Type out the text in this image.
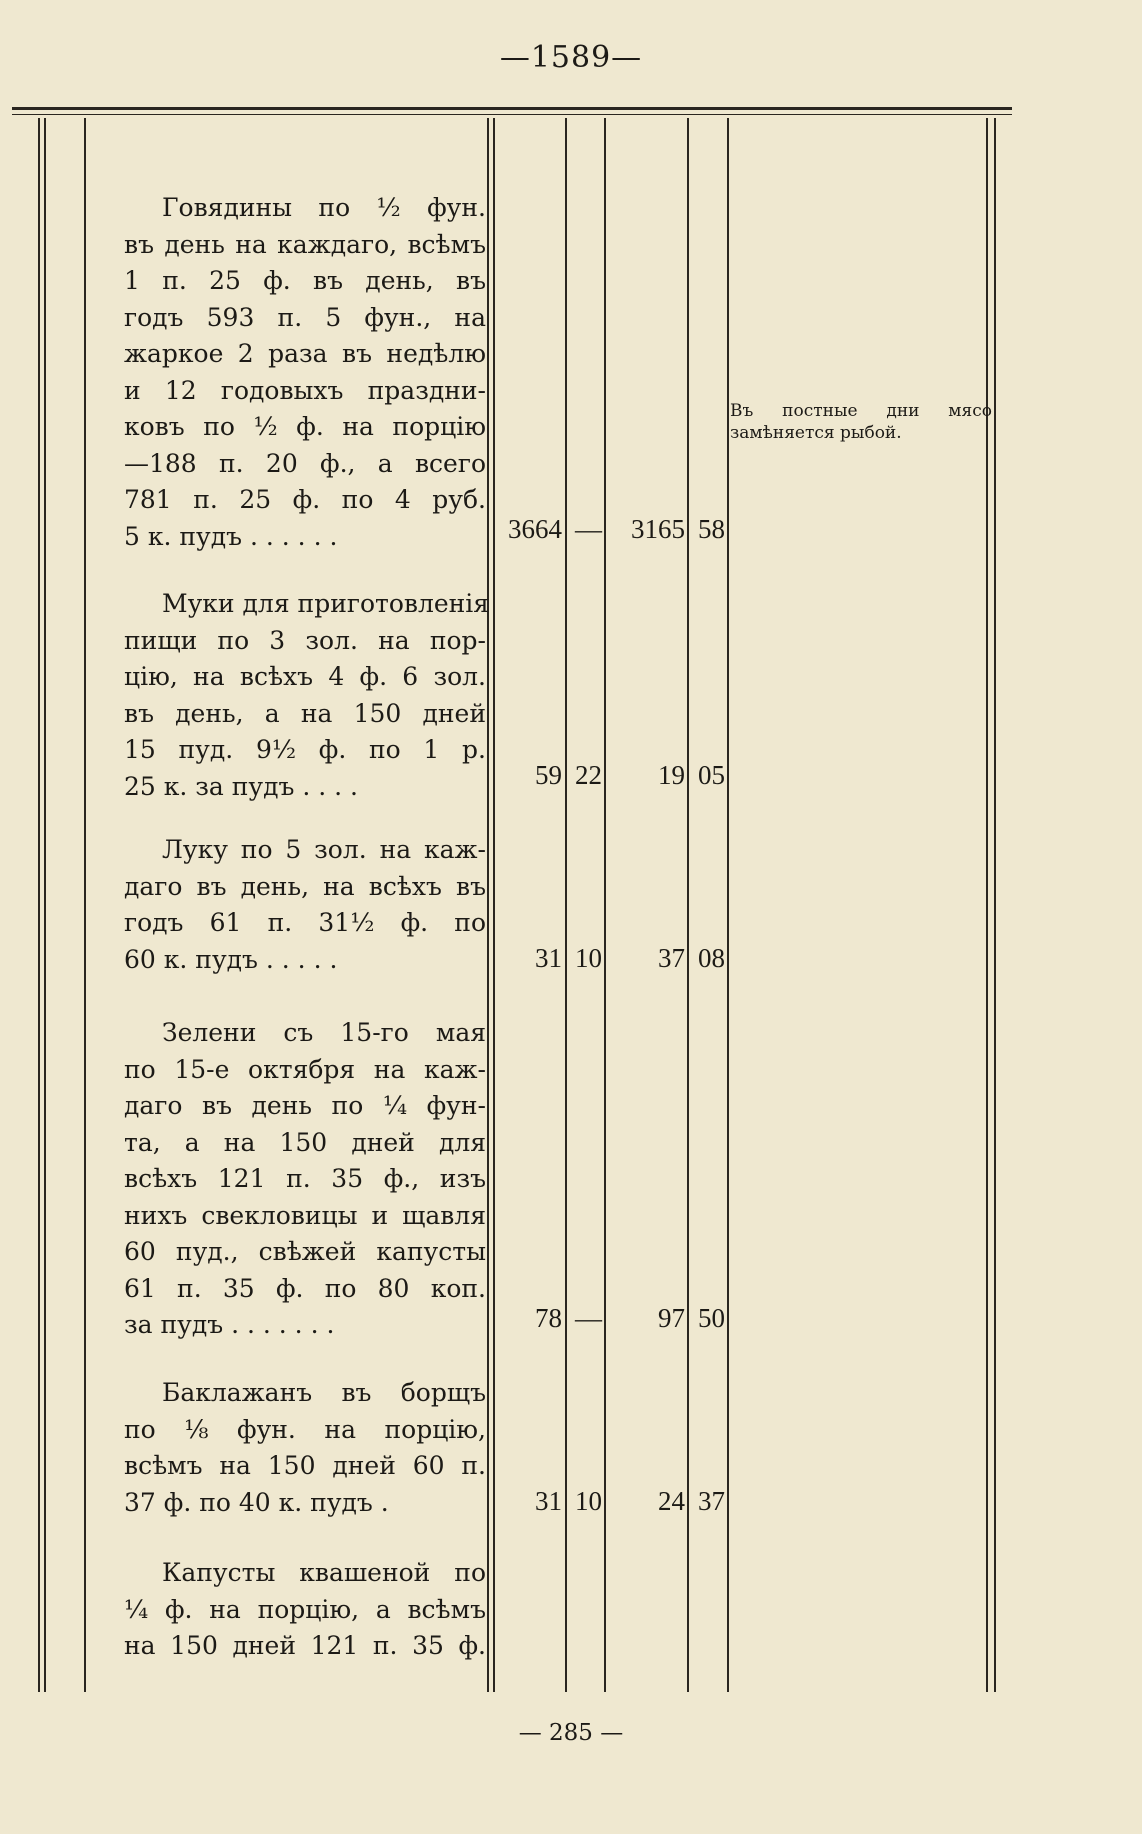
—1589—
Говядины по ½ фун.
въ день на каждаго, всѣмъ
1 п. 25 ф. въ день, въ
годъ 593 п. 5 фун., на
жаркое 2 раза въ недѣлю
и 12 годовыхъ праздни-
ковъ по ½ ф. на порцію
—188 п. 20 ф., а всего
781 п. 25 ф. по 4 руб.
5 к. пудъ . . . . . .	3664 —	3165 58
Муки для приготовленія
пищи по 3 зол. на пор-
цію, на всѣхъ 4 ф. 6 зол.
въ день, а на 150 дней
15 пуд. 9½ ф. по 1 р.
25 к. за пудъ . . . .	59 22	19 05
Луку по 5 зол. на каж-
даго въ день, на всѣхъ въ
годъ 61 п. 31½ ф. по
60 к. пудъ . . . . .	31 10	37 08
Зелени съ 15-го мая
по 15-е октября на каж-
даго въ день по ¼ фун-
та, а на 150 дней для
всѣхъ 121 п. 35 ф., изъ
нихъ свекловицы и щавля
60 пуд., свѣжей капусты
61 п. 35 ф. по 80 коп.
за пудъ . . . . . . .	78 —	97 50
Баклажанъ въ борщъ
по ⅛ фун. на порцію,
всѣмъ на 150 дней 60 п.
37 ф. по 40 к. пудъ .	31 10	24 37
Капусты квашеной по
¼ ф. на порцію, а всѣмъ
на 150 дней 121 п. 35 ф.
Въ постные дни мясо замѣняется рыбой.
— 285 —
